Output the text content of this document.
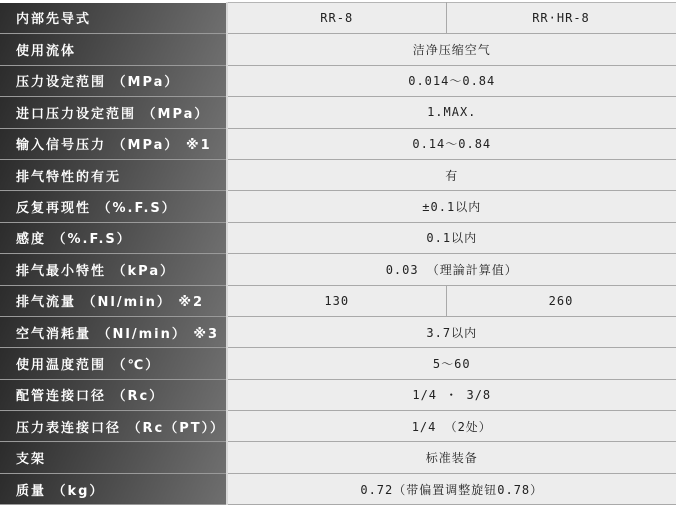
内部先导式	RR-8	RR·HR-8
使用流体	洁净压缩空气	
压力设定范围 （MPa）	0.014～0.84	
进口压力设定范围 （MPa）	1.MAX.	
输入信号压力 （MPa） ※1	0.14～0.84	
排气特性的有无	有	
反复再现性 （%.F.S）	±0.1以内	
感度 （%.F.S）	0.1以内	
排气最小特性 （kPa）	0.03 （理論計算值）	
排气流量 （Nl/min） ※2	130	260
空气消耗量 （Nl/min） ※3	3.7以内	
使用温度范围 （℃）	5～60	
配管连接口径 （Rc）	1/4 ・ 3/8	
压力表连接口径 （Rc（PT））	1/4 （2处）	
支架	标准装备	
质量 （kg）	0.72（带偏置调整旋钮0.78）	
